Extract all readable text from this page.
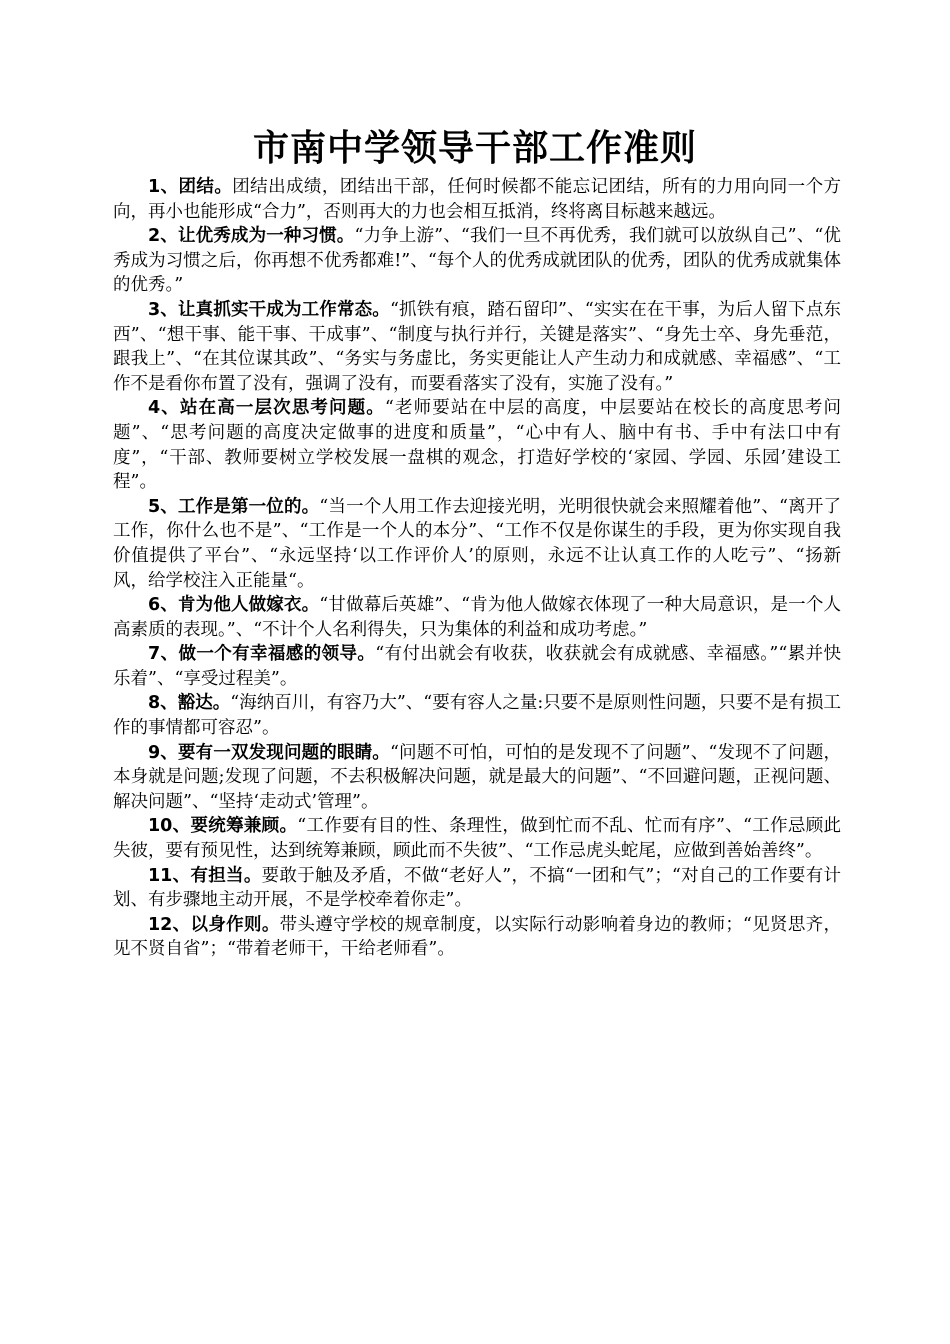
市南中学领导干部工作准则

1、团结。团结出成绩，团结出干部，任何时候都不能忘记团结，所有的力用向同一个方向，再小也能形成“合力”，否则再大的力也会相互抵消，终将离目标越来越远。

2、让优秀成为一种习惯。“力争上游”、“我们一旦不再优秀，我们就可以放纵自己”、“优秀成为习惯之后，你再想不优秀都难!”、“每个人的优秀成就团队的优秀，团队的优秀成就集体的优秀。”

3、让真抓实干成为工作常态。“抓铁有痕，踏石留印”、“实实在在干事，为后人留下点东西”、“想干事、能干事、干成事”、“制度与执行并行，关键是落实”、“身先士卒、身先垂范，跟我上”、“在其位谋其政”、“务实与务虚比，务实更能让人产生动力和成就感、幸福感”、“工作不是看你布置了没有，强调了没有，而要看落实了没有，实施了没有。”

4、站在高一层次思考问题。“老师要站在中层的高度，中层要站在校长的高度思考问题”、“思考问题的高度决定做事的进度和质量”，“心中有人、脑中有书、手中有法口中有度”，“干部、教师要树立学校发展一盘棋的观念，打造好学校的‘家园、学园、乐园’建设工程”。

5、工作是第一位的。“当一个人用工作去迎接光明，光明很快就会来照耀着他”、“离开了工作，你什么也不是”、“工作是一个人的本分”、“工作不仅是你谋生的手段，更为你实现自我价值提供了平台”、“永远坚持‘以工作评价人’的原则，永远不让认真工作的人吃亏”、“扬新风，给学校注入正能量“。

6、肯为他人做嫁衣。“甘做幕后英雄”、“肯为他人做嫁衣体现了一种大局意识，是一个人高素质的表现。”、“不计个人名利得失，只为集体的利益和成功考虑。”

7、做一个有幸福感的领导。“有付出就会有收获，收获就会有成就感、幸福感。”“累并快乐着”、“享受过程美”。

8、豁达。“海纳百川，有容乃大”、“要有容人之量:只要不是原则性问题，只要不是有损工作的事情都可容忍”。

9、要有一双发现问题的眼睛。“问题不可怕，可怕的是发现不了问题”、“发现不了问题，本身就是问题;发现了问题，不去积极解决问题，就是最大的问题”、“不回避问题，正视问题、解决问题”、“坚持‘走动式’管理”。

10、要统筹兼顾。“工作要有目的性、条理性，做到忙而不乱、忙而有序”、“工作忌顾此失彼，要有预见性，达到统筹兼顾，顾此而不失彼”、“工作忌虎头蛇尾，应做到善始善终”。

11、有担当。要敢于触及矛盾，不做“老好人”，不搞“一团和气”；“对自己的工作要有计划、有步骤地主动开展，不是学校牵着你走”。

12、以身作则。带头遵守学校的规章制度，以实际行动影响着身边的教师；“见贤思齐，见不贤自省”；“带着老师干，干给老师看”。
